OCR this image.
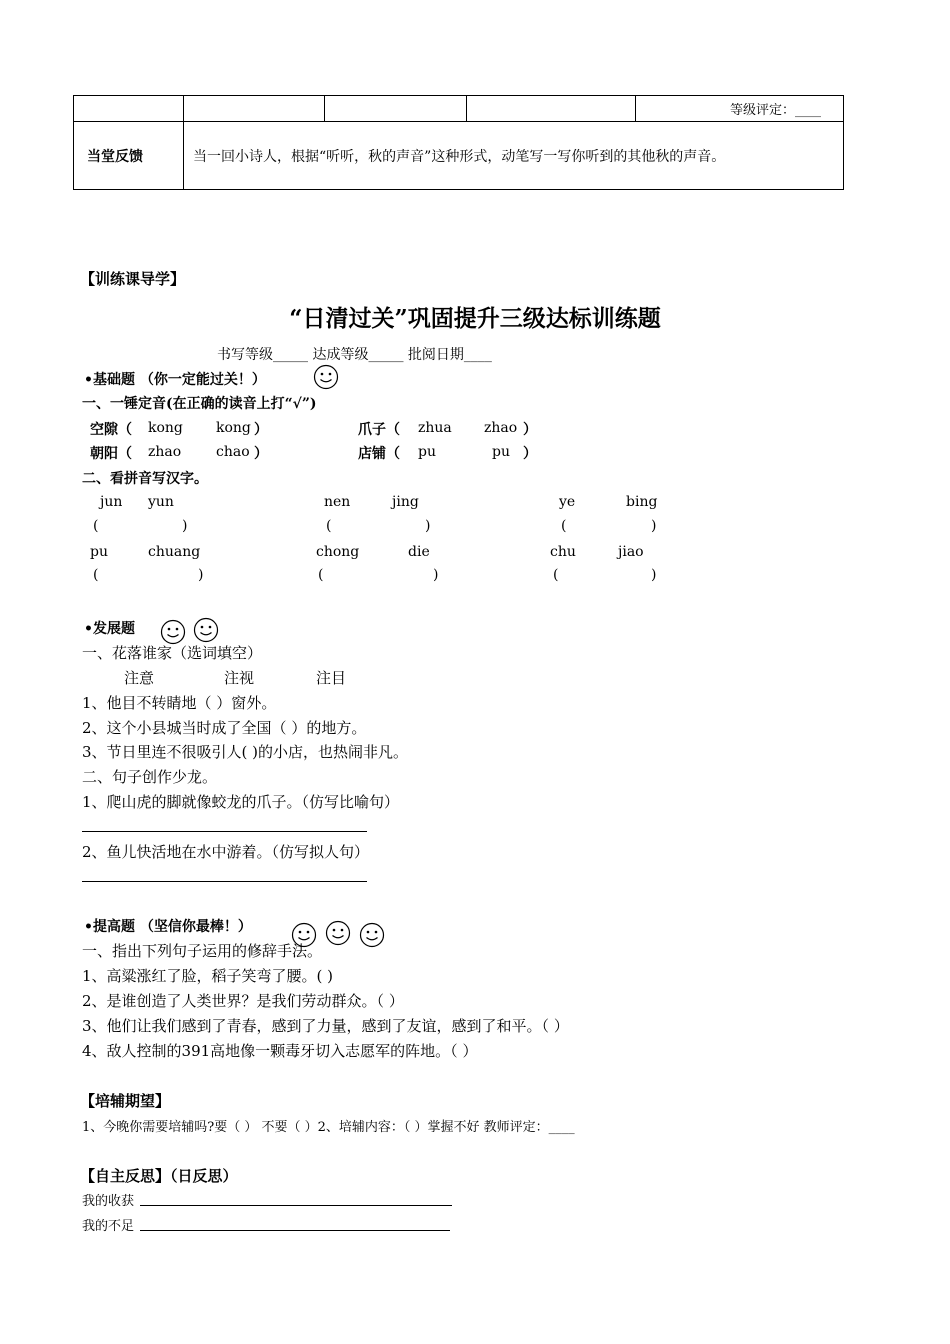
				等级评定：____
当堂反馈	当一回小诗人，根据“听听，秋的声音”这种形式，动笔写一写你听到的其他秋的声音。			
【训练课导学】
“日清过关”巩固提升三级达标训练题
书写等级_____ 达成等级_____ 批阅日期____
•基础题 （你一定能过关！）
一、一锤定音(在正确的读音上打“√”)
空隙（ kong kong ）	爪子（ zhua zhao ）
朝阳（ zhao chao ）	店铺（ pu	pu ）
二、看拼音写汉字。
jun yun	nen	jing	ye	bing
(	)	(	)	(	)
pu	chuang	chong	die	chu	jiao
(	)	(	)	(	)
•发展题
一、花落谁家（选词填空）
注意	注视	注目
1、他目不转睛地（ ）窗外。
2、这个小县城当时成了全国（ ）的地方。
3、节日里连不很吸引人( )的小店，也热闹非凡。
二、句子创作少龙。
1、爬山虎的脚就像蛟龙的爪子。（仿写比喻句）
2、鱼儿快活地在水中游着。（仿写拟人句）
•提高题 （坚信你最棒！）
一、指出下列句子运用的修辞手法。
1、高粱涨红了脸，稻子笑弯了腰。( )
2、是谁创造了人类世界？是我们劳动群众。（ ）
3、他们让我们感到了青春，感到了力量，感到了友谊，感到了和平。（ ）
4、敌人控制的391高地像一颗毒牙切入志愿军的阵地。（ ）
【培辅期望】
1、今晚你需要培辅吗?要（ ） 不要（ ）2、培辅内容：（ ）掌握不好 教师评定：____
【自主反思】（日反思）
我的收获
我的不足
